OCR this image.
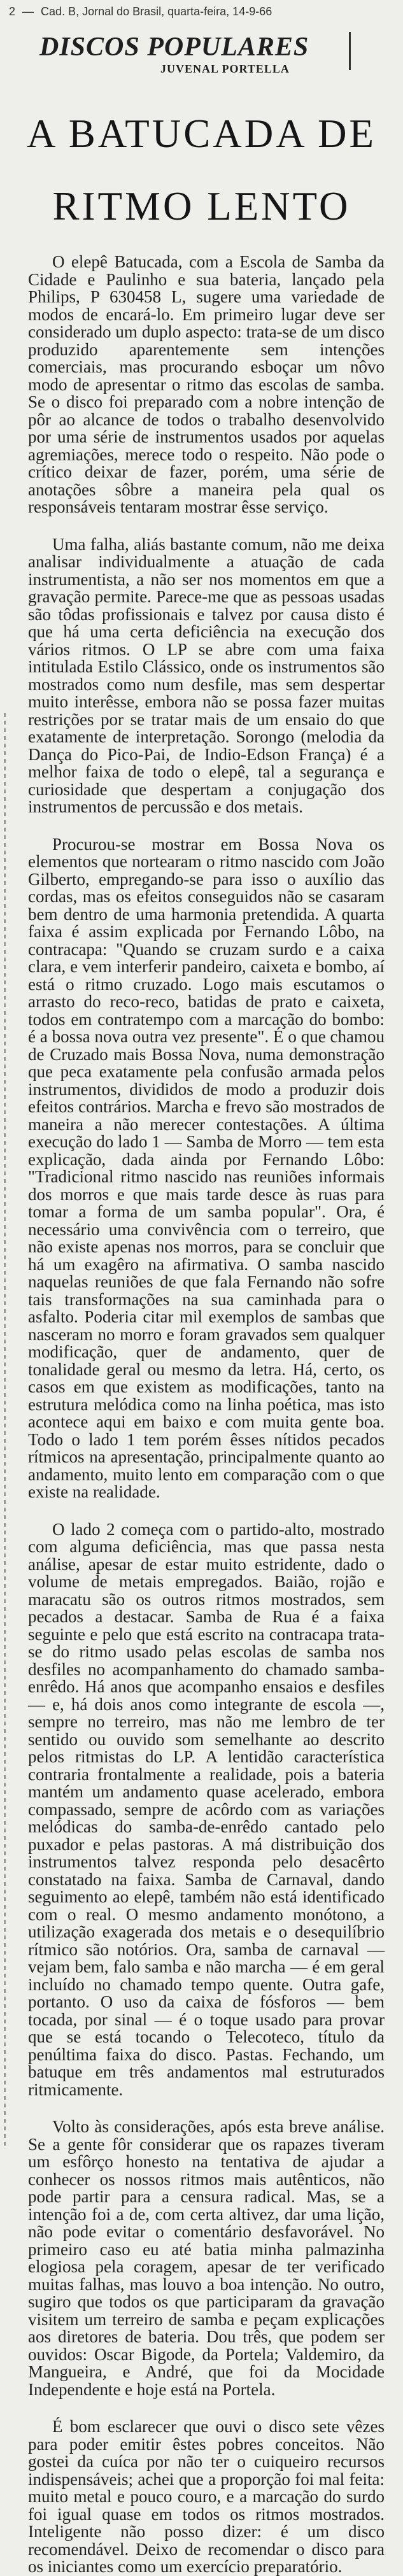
2 — Cad. B, Jornal do Brasil, quarta-feira, 14-9-66
DISCOS POPULARES
JUVENAL PORTELLA
A BATUCADA DE
RITMO LENTO

O elepê Batucada, com a Escola de Samba da Cidade e Paulinho e sua bateria, lançado pela Philips, P 630458 L, sugere uma variedade de modos de encará-lo. Em primeiro lugar deve ser considerado um duplo aspecto: trata-se de um disco produzido aparentemente sem intenções comerciais, mas procurando esboçar um nôvo modo de apresentar o ritmo das escolas de samba. Se o disco foi preparado com a nobre intenção de pôr ao alcance de todos o trabalho desenvolvido por uma série de instrumentos usados por aquelas agremiações, merece todo o respeito. Não pode o crítico deixar de fazer, porém, uma série de anotações sôbre a maneira pela qual os responsáveis tentaram mostrar êsse serviço.

Uma falha, aliás bastante comum, não me deixa analisar individualmente a atuação de cada instrumentista, a não ser nos momentos em que a gravação permite. Parece-me que as pessoas usadas são tôdas profissionais e talvez por causa disto é que há uma certa deficiência na execução dos vários ritmos. O LP se abre com uma faixa intitulada Estilo Clássico, onde os instrumentos são mostrados como num desfile, mas sem despertar muito interêsse, embora não se possa fazer muitas restrições por se tratar mais de um ensaio do que exatamente de interpretação. Sorongo (melodia da Dança do Pico-Pai, de Indio-Edson França) é a melhor faixa de todo o elepê, tal a segurança e curiosidade que despertam a conjugação dos instrumentos de percussão e dos metais.

Procurou-se mostrar em Bossa Nova os elementos que nortearam o ritmo nascido com João Gilberto, empregando-se para isso o auxílio das cordas, mas os efeitos conseguidos não se casaram bem dentro de uma harmonia pretendida. A quarta faixa é assim explicada por Fernando Lôbo, na contracapa: "Quando se cruzam surdo e a caixa clara, e vem interferir pandeiro, caixeta e bombo, aí está o ritmo cruzado. Logo mais escutamos o arrasto do reco-reco, batidas de prato e caixeta, todos em contratempo com a marcação do bombo: é a bossa nova outra vez presente". É o que chamou de Cruzado mais Bossa Nova, numa demonstração que peca exatamente pela confusão armada pelos instrumentos, divididos de modo a produzir dois efeitos contrários. Marcha e frevo são mostrados de maneira a não merecer contestações. A última execução do lado 1 — Samba de Morro — tem esta explicação, dada ainda por Fernando Lôbo: "Tradicional ritmo nascido nas reuniões informais dos morros e que mais tarde desce às ruas para tomar a forma de um samba popular". Ora, é necessário uma convivência com o terreiro, que não existe apenas nos morros, para se concluir que há um exagêro na afirmativa. O samba nascido naquelas reuniões de que fala Fernando não sofre tais transformações na sua caminhada para o asfalto. Poderia citar mil exemplos de sambas que nasceram no morro e foram gravados sem qualquer modificação, quer de andamento, quer de tonalidade geral ou mesmo da letra. Há, certo, os casos em que existem as modificações, tanto na estrutura melódica como na linha poética, mas isto acontece aqui em baixo e com muita gente boa. Todo o lado 1 tem porém êsses nítidos pecados rítmicos na apresentação, principalmente quanto ao andamento, muito lento em comparação com o que existe na realidade.

O lado 2 começa com o partido-alto, mostrado com alguma deficiência, mas que passa nesta análise, apesar de estar muito estridente, dado o volume de metais empregados. Baião, rojão e maracatu são os outros ritmos mostrados, sem pecados a destacar. Samba de Rua é a faixa seguinte e pelo que está escrito na contracapa trata-se do ritmo usado pelas escolas de samba nos desfiles no acompanhamento do chamado samba-enrêdo. Há anos que acompanho ensaios e desfiles — e, há dois anos como integrante de escola —, sempre no terreiro, mas não me lembro de ter sentido ou ouvido som semelhante ao descrito pelos ritmistas do LP. A lentidão característica contraria frontalmente a realidade, pois a bateria mantém um andamento quase acelerado, embora compassado, sempre de acôrdo com as variações melódicas do samba-de-enrêdo cantado pelo puxador e pelas pastoras. A má distribuição dos instrumentos talvez responda pelo desacêrto constatado na faixa. Samba de Carnaval, dando seguimento ao elepê, também não está identificado com o real. O mesmo andamento monótono, a utilização exagerada dos metais e o desequilíbrio rítmico são notórios. Ora, samba de carnaval — vejam bem, falo samba e não marcha — é em geral incluído no chamado tempo quente. Outra gafe, portanto. O uso da caixa de fósforos — bem tocada, por sinal — é o toque usado para provar que se está tocando o Telecoteco, título da penúltima faixa do disco. Pastas. Fechando, um batuque em três andamentos mal estruturados ritmicamente.

Volto às considerações, após esta breve análise. Se a gente fôr considerar que os rapazes tiveram um esfôrço honesto na tentativa de ajudar a conhecer os nossos ritmos mais autênticos, não pode partir para a censura radical. Mas, se a intenção foi a de, com certa altivez, dar uma lição, não pode evitar o comentário desfavorável. No primeiro caso eu até batia minha palmazinha elogiosa pela coragem, apesar de ter verificado muitas falhas, mas louvo a boa intenção. No outro, sugiro que todos os que participaram da gravação visitem um terreiro de samba e peçam explicações aos diretores de bateria. Dou três, que podem ser ouvidos: Oscar Bigode, da Portela; Valdemiro, da Mangueira, e André, que foi da Mocidade Independente e hoje está na Portela.

É bom esclarecer que ouvi o disco sete vêzes para poder emitir êstes pobres conceitos. Não gostei da cuíca por não ter o cuiqueiro recursos indispensáveis; achei que a proporção foi mal feita: muito metal e pouco couro, e a marcação do surdo foi igual quase em todos os ritmos mostrados. Inteligente não posso dizer: é um disco recomendável. Deixo de recomendar o disco para os iniciantes como um exercício preparatório.
